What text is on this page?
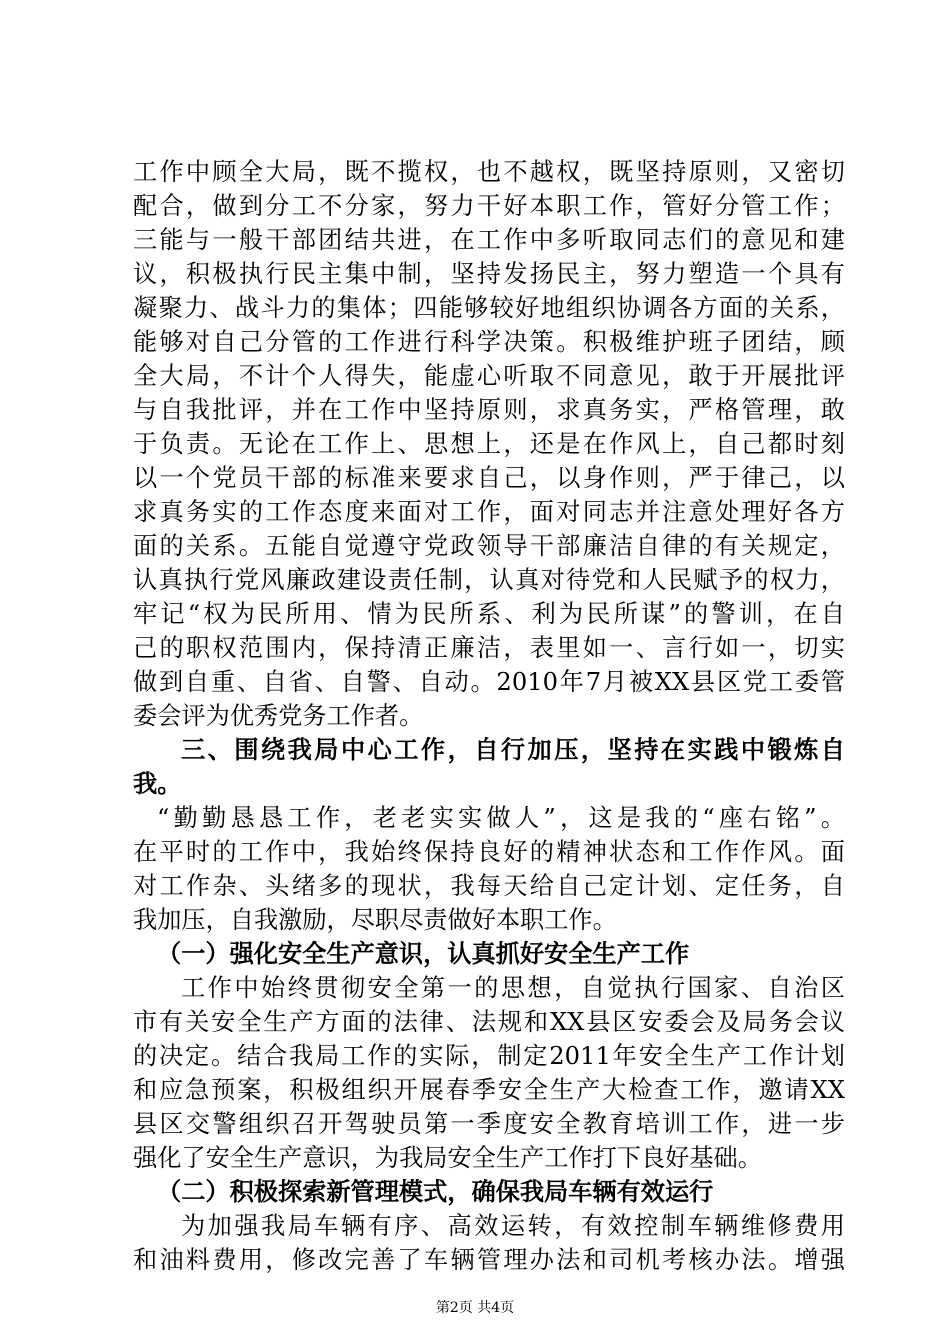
工作中顾全大局，既不揽权，也不越权，既坚持原则，又密切
配合，做到分工不分家，努力干好本职工作，管好分管工作；
三能与一般干部团结共进，在工作中多听取同志们的意见和建
议，积极执行民主集中制，坚持发扬民主，努力塑造一个具有
凝聚力、战斗力的集体；四能够较好地组织协调各方面的关系，
能够对自己分管的工作进行科学决策。积极维护班子团结，顾
全大局，不计个人得失，能虚心听取不同意见，敢于开展批评
与自我批评，并在工作中坚持原则，求真务实，严格管理，敢
于负责。无论在工作上、思想上，还是在作风上，自己都时刻
以一个党员干部的标准来要求自己，以身作则，严于律己，以
求真务实的工作态度来面对工作，面对同志并注意处理好各方
面的关系。五能自觉遵守党政领导干部廉洁自律的有关规定，
认真执行党风廉政建设责任制，认真对待党和人民赋予的权力，
牢记“权为民所用、情为民所系、利为民所谋”的警训，在自
己的职权范围内，保持清正廉洁，表里如一、言行如一，切实
做到自重、自省、自警、自动。2010年7月被XX县区党工委管
委会评为优秀党务工作者。
三、围绕我局中心工作，自行加压，坚持在实践中锻炼自
我。
“勤勤恳恳工作，老老实实做人”，这是我的“座右铭”。
在平时的工作中，我始终保持良好的精神状态和工作作风。面
对工作杂、头绪多的现状，我每天给自己定计划、定任务，自
我加压，自我激励，尽职尽责做好本职工作。
（一）强化安全生产意识，认真抓好安全生产工作
工作中始终贯彻安全第一的思想，自觉执行国家、自治区
市有关安全生产方面的法律、法规和XX县区安委会及局务会议
的决定。结合我局工作的实际，制定2011年安全生产工作计划
和应急预案，积极组织开展春季安全生产大检查工作，邀请XX
县区交警组织召开驾驶员第一季度安全教育培训工作，进一步
强化了安全生产意识，为我局安全生产工作打下良好基础。
（二）积极探索新管理模式，确保我局车辆有效运行
为加强我局车辆有序、高效运转，有效控制车辆维修费用
和油料费用，修改完善了车辆管理办法和司机考核办法。增强
第2页 共4页
